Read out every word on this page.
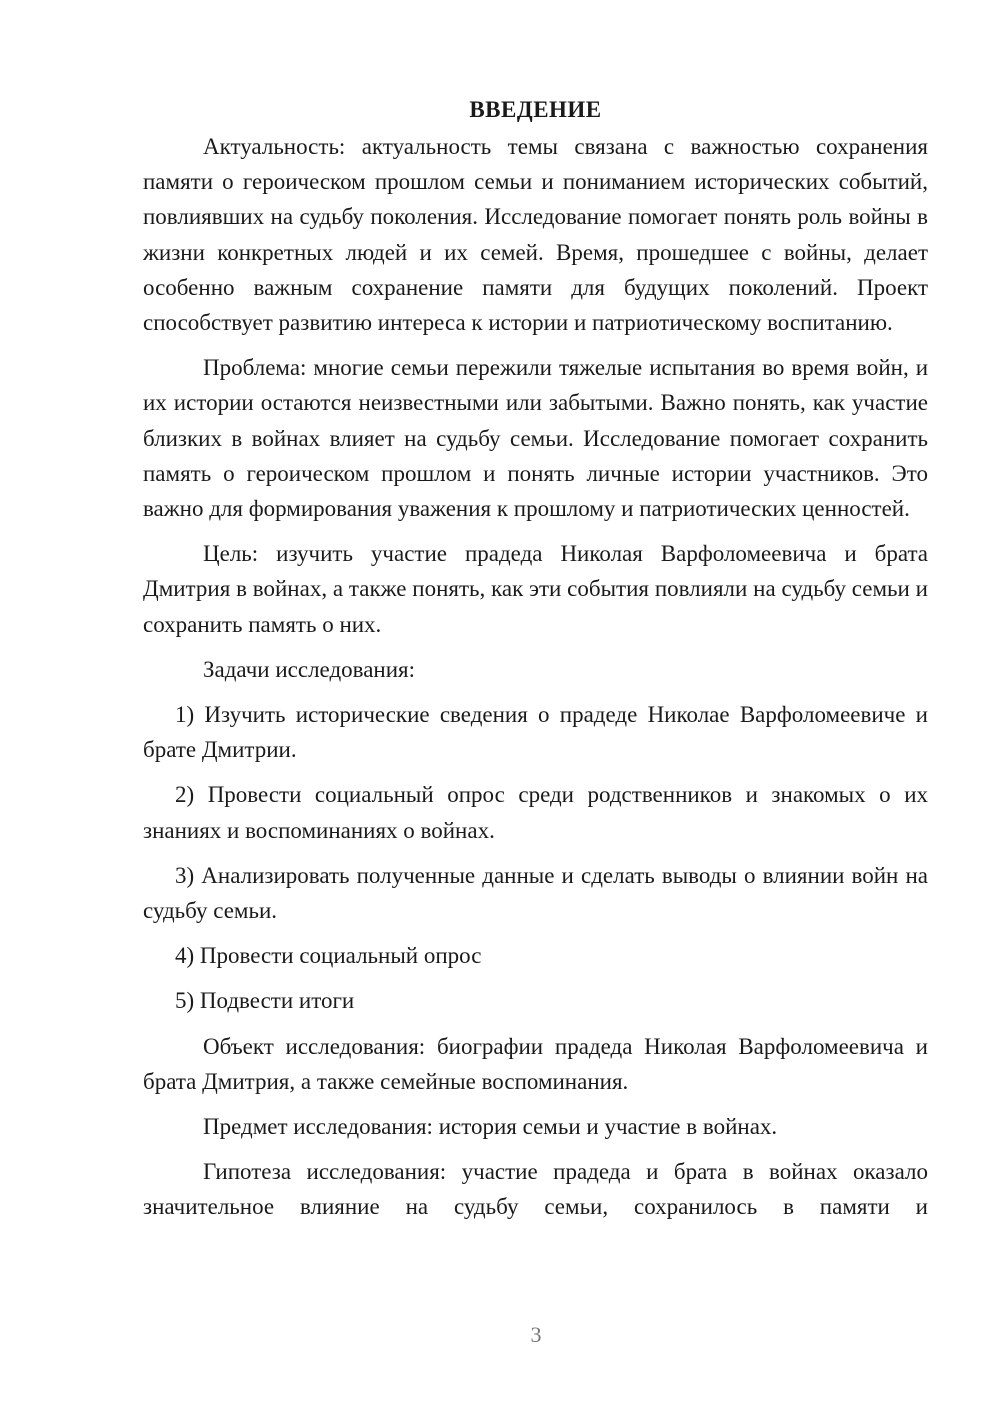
ВВЕДЕНИЕ

Актуальность: актуальность темы связана с важностью сохранения памяти о героическом прошлом семьи и пониманием исторических событий, повлиявших на судьбу поколения. Исследование помогает понять роль войны в жизни конкретных людей и их семей. Время, прошедшее с войны, делает особенно важным сохранение памяти для будущих поколений. Проект способствует развитию интереса к истории и патриотическому воспитанию.

Проблема: многие семьи пережили тяжелые испытания во время войн, и их истории остаются неизвестными или забытыми. Важно понять, как участие близких в войнах влияет на судьбу семьи. Исследование помогает сохранить память о героическом прошлом и понять личные истории участников. Это важно для формирования уважения к прошлому и патриотических ценностей.

Цель: изучить участие прадеда Николая Варфоломеевича и брата Дмитрия в войнах, а также понять, как эти события повлияли на судьбу семьи и сохранить память о них.

Задачи исследования:

1) Изучить исторические сведения о прадеде Николае Варфоломеевиче и брате Дмитрии.

2) Провести социальный опрос среди родственников и знакомых о их знаниях и воспоминаниях о войнах.

3) Анализировать полученные данные и сделать выводы о влиянии войн на судьбу семьи.

4) Провести социальный опрос

5) Подвести итоги

Объект исследования: биографии прадеда Николая Варфоломеевича и брата Дмитрия, а также семейные воспоминания.

Предмет исследования: история семьи и участие в войнах.

Гипотеза исследования: участие прадеда и брата в войнах оказало значительное влияние на судьбу семьи, сохранилось в памяти и

3
